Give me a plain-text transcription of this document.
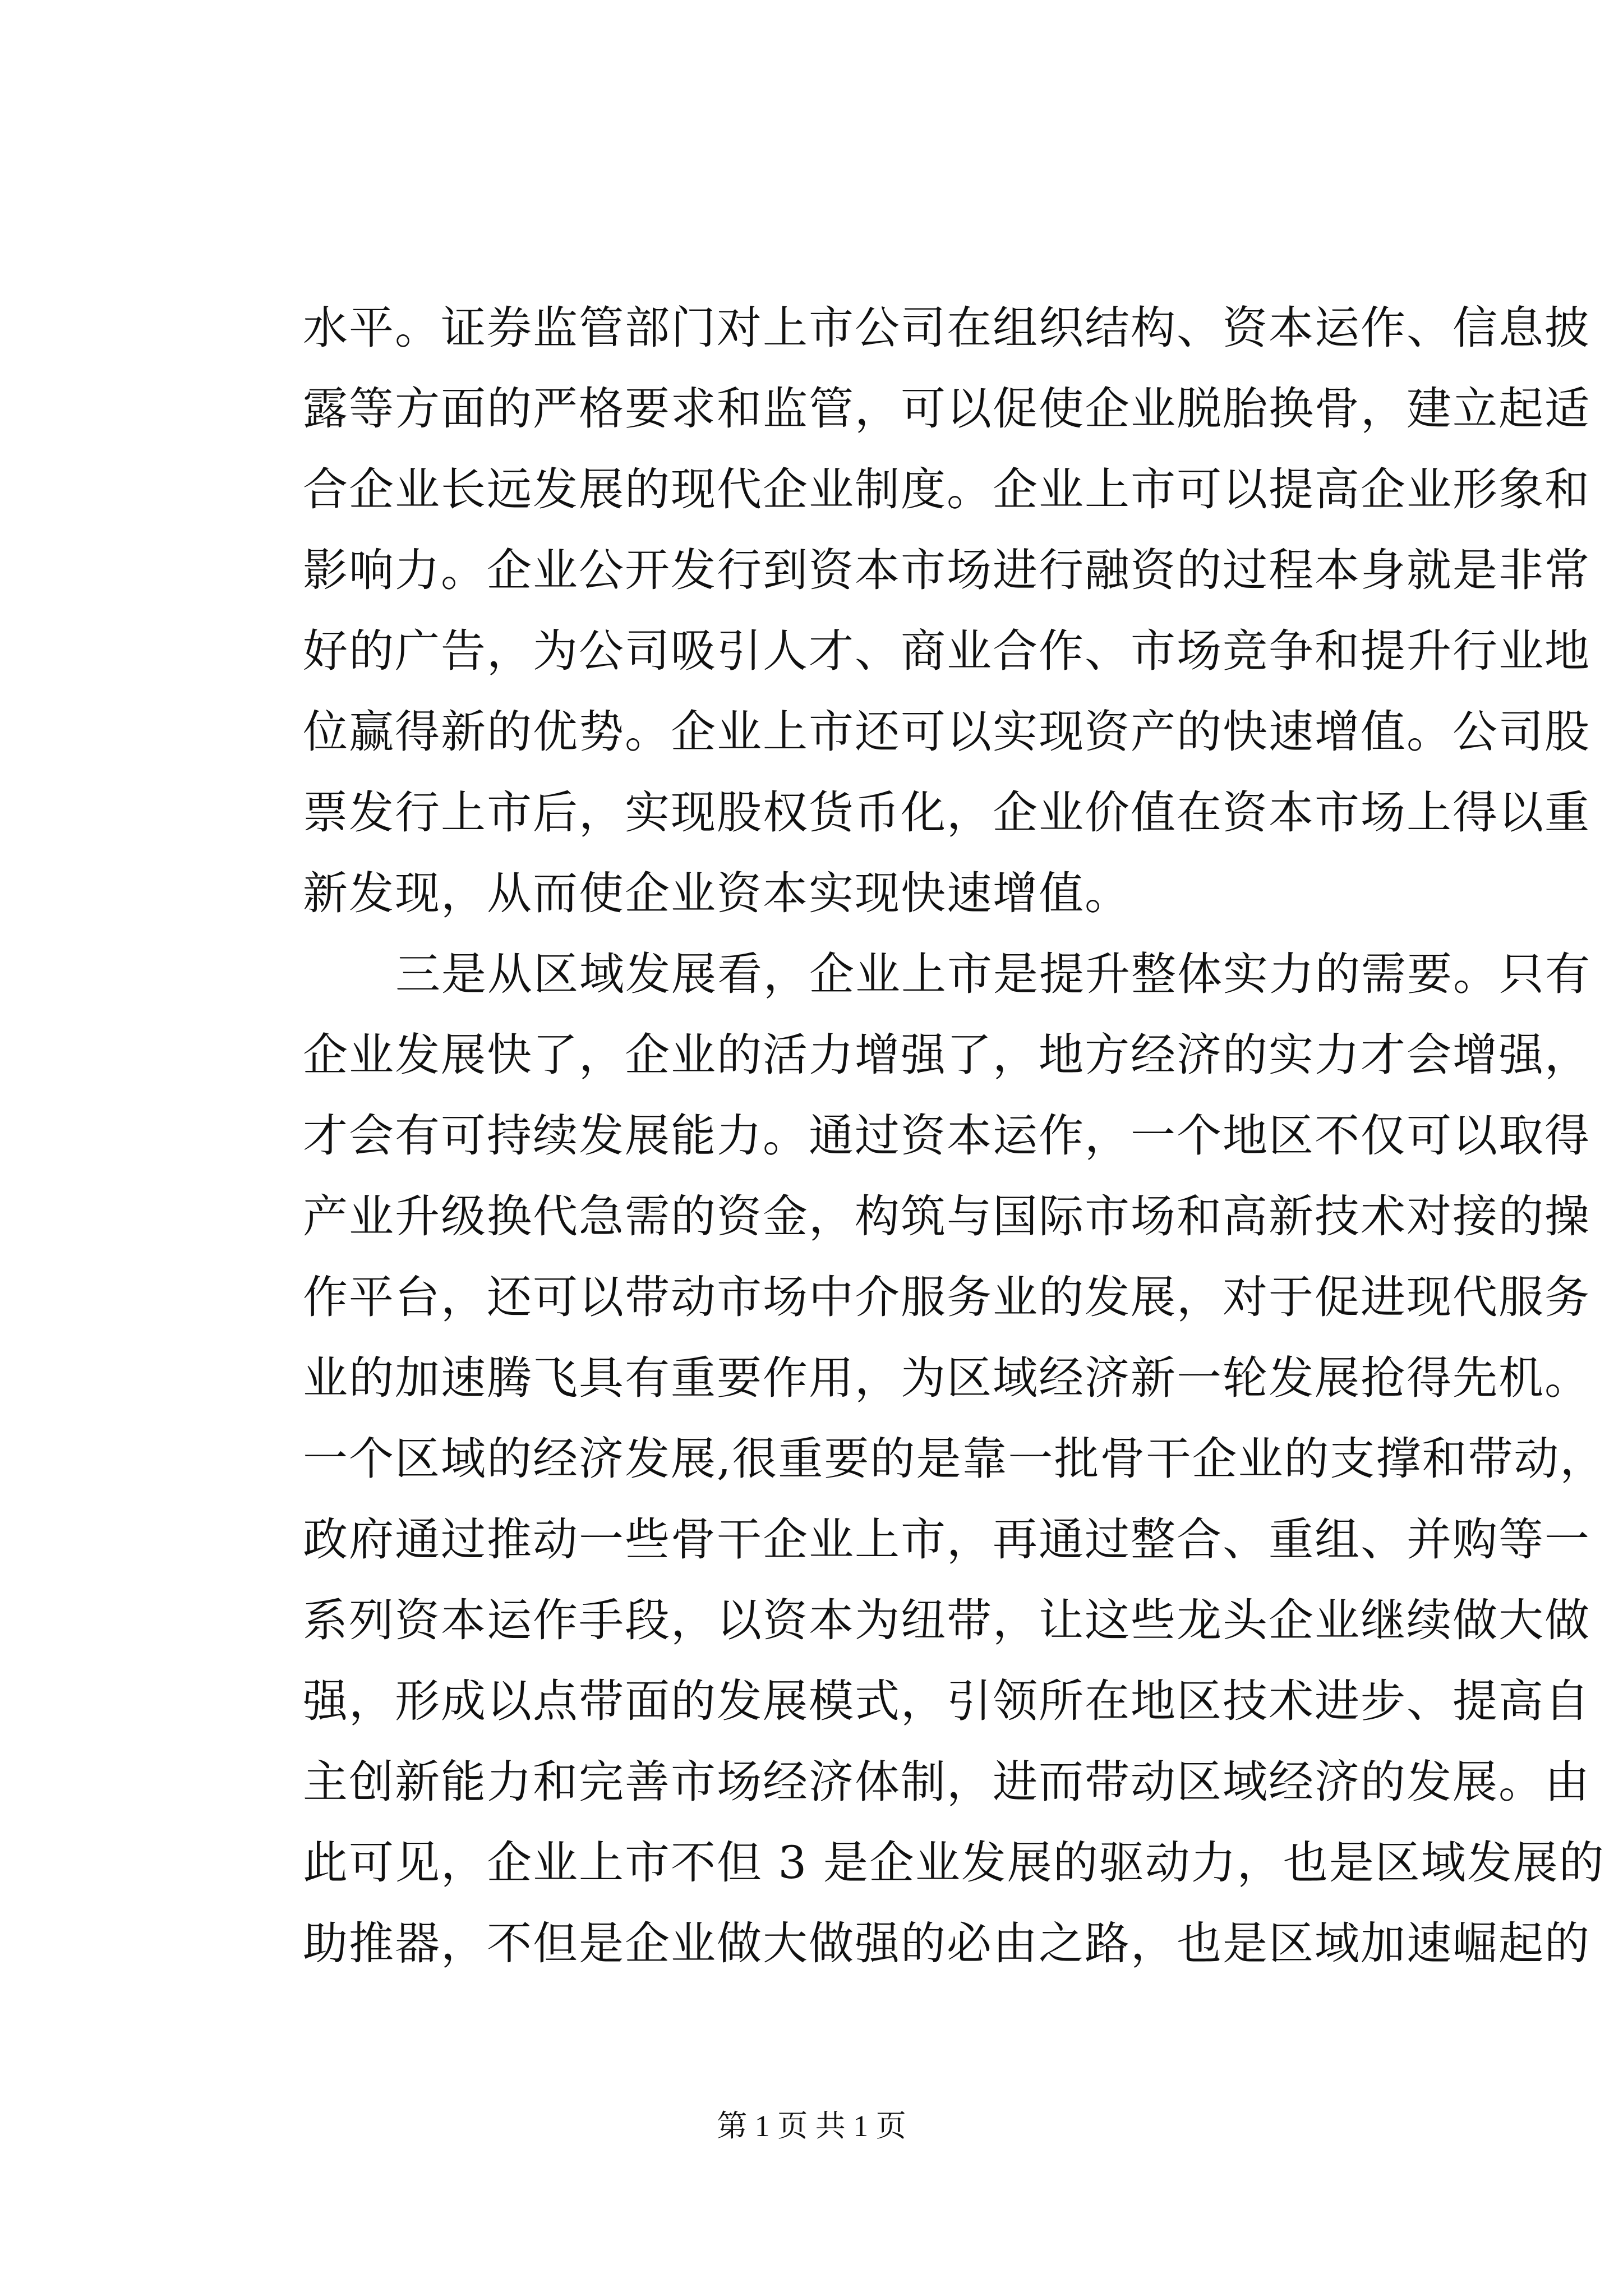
水平。证券监管部门对上市公司在组织结构、资本运作、信息披
露等方面的严格要求和监管，可以促使企业脱胎换骨，建立起适
合企业长远发展的现代企业制度。企业上市可以提高企业形象和
影响力。企业公开发行到资本市场进行融资的过程本身就是非常
好的广告，为公司吸引人才、商业合作、市场竞争和提升行业地
位赢得新的优势。企业上市还可以实现资产的快速增值。公司股
票发行上市后，实现股权货币化，企业价值在资本市场上得以重
新发现，从而使企业资本实现快速增值。
三是从区域发展看，企业上市是提升整体实力的需要。只有
企业发展快了，企业的活力增强了，地方经济的实力才会增强，
才会有可持续发展能力。通过资本运作，一个地区不仅可以取得
产业升级换代急需的资金，构筑与国际市场和高新技术对接的操
作平台，还可以带动市场中介服务业的发展，对于促进现代服务
业的加速腾飞具有重要作用，为区域经济新一轮发展抢得先机。
一个区域的经济发展,很重要的是靠一批骨干企业的支撑和带动，
政府通过推动一些骨干企业上市，再通过整合、重组、并购等一
系列资本运作手段，以资本为纽带，让这些龙头企业继续做大做
强，形成以点带面的发展模式，引领所在地区技术进步、提高自
主创新能力和完善市场经济体制，进而带动区域经济的发展。由
此可见，企业上市不但 3 是企业发展的驱动力，也是区域发展的
助推器，不但是企业做大做强的必由之路，也是区域加速崛起的
第 1 页 共 1 页
